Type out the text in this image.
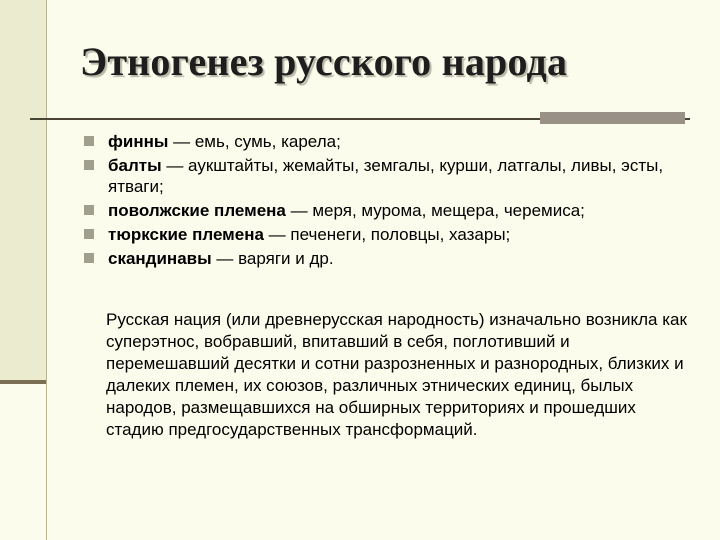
Этногенез русского народа
финны — емь, сумь, карела;
балты — аукштайты, жемайты, земгалы, курши, латгалы, ливы, эсты, ятваги;
поволжские племена — меря, мурома, мещера, черемиса;
тюркские племена — печенеги, половцы, хазары;
скандинавы — варяги и др.

Русская нация (или древнерусская народность) изначально возникла как суперэтнос, вобравший, впитавший в себя, поглотивший и перемешавший десятки и сотни разрозненных и разнородных, близких и далеких племен, их союзов, различных этнических единиц, былых народов, размещавшихся на обширных территориях и прошедших стадию предгосударственных трансформаций.
